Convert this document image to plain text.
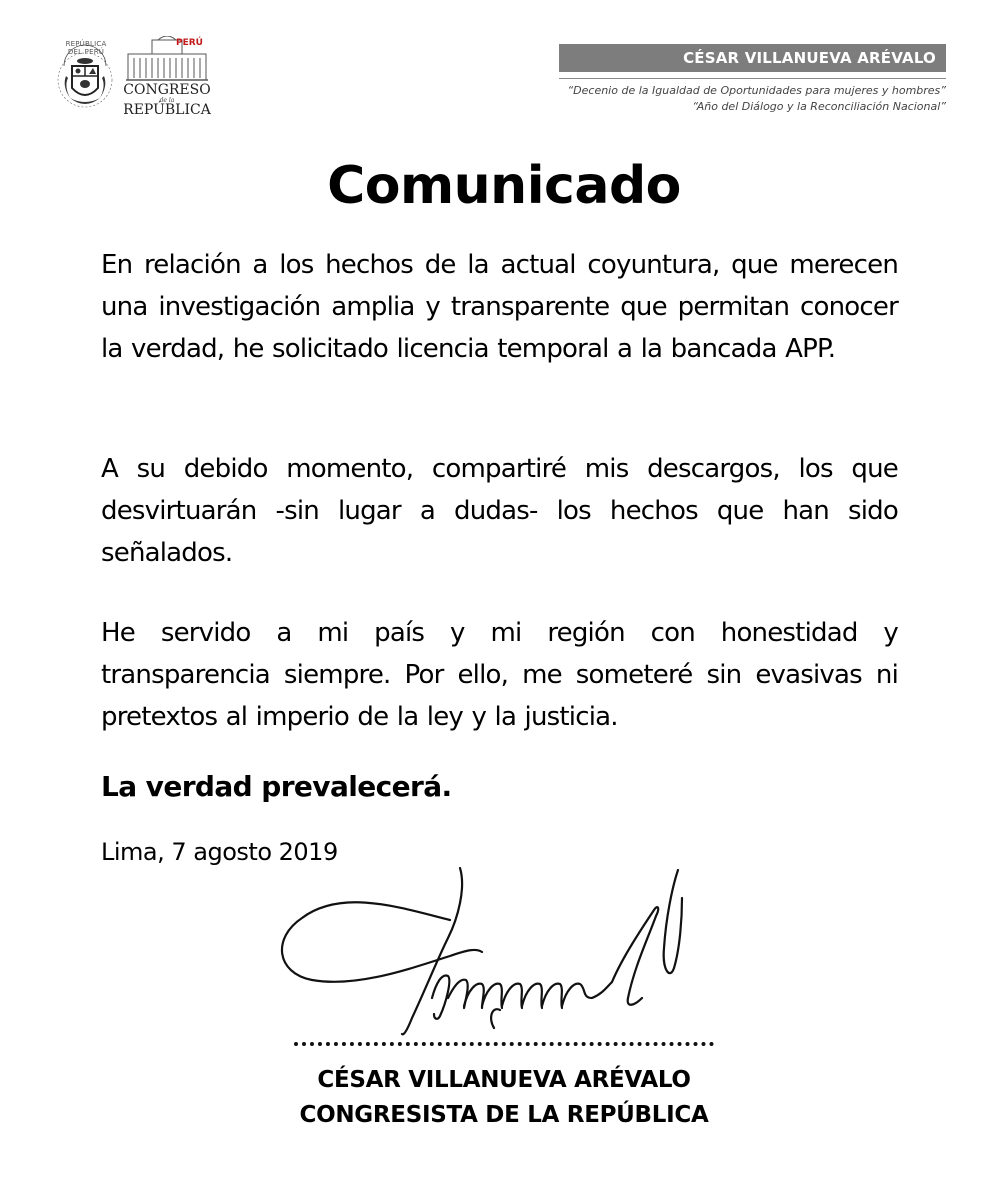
REPÚBLICA DEL PERÚ
PERÚ
CONGRESO
de la
REPÚBLICA
CÉSAR VILLANUEVA ARÉVALO
“Decenio de la Igualdad de Oportunidades para mujeres y hombres”
“Año del Diálogo y la Reconciliación Nacional”
Comunicado
En relación a los hechos de la actual coyuntura, que merecen una investigación amplia y transparente que permitan conocer la verdad, he solicitado licencia temporal a la bancada APP.
A su debido momento, compartiré mis descargos, los que desvirtuarán -sin lugar a dudas- los hechos que han sido señalados.
He servido a mi país y mi región con honestidad y transparencia siempre. Por ello, me someteré sin evasivas ni pretextos al imperio de la ley y la justicia.
La verdad prevalecerá.
Lima, 7 agosto 2019
CÉSAR VILLANUEVA ARÉVALO
CONGRESISTA DE LA REPÚBLICA
